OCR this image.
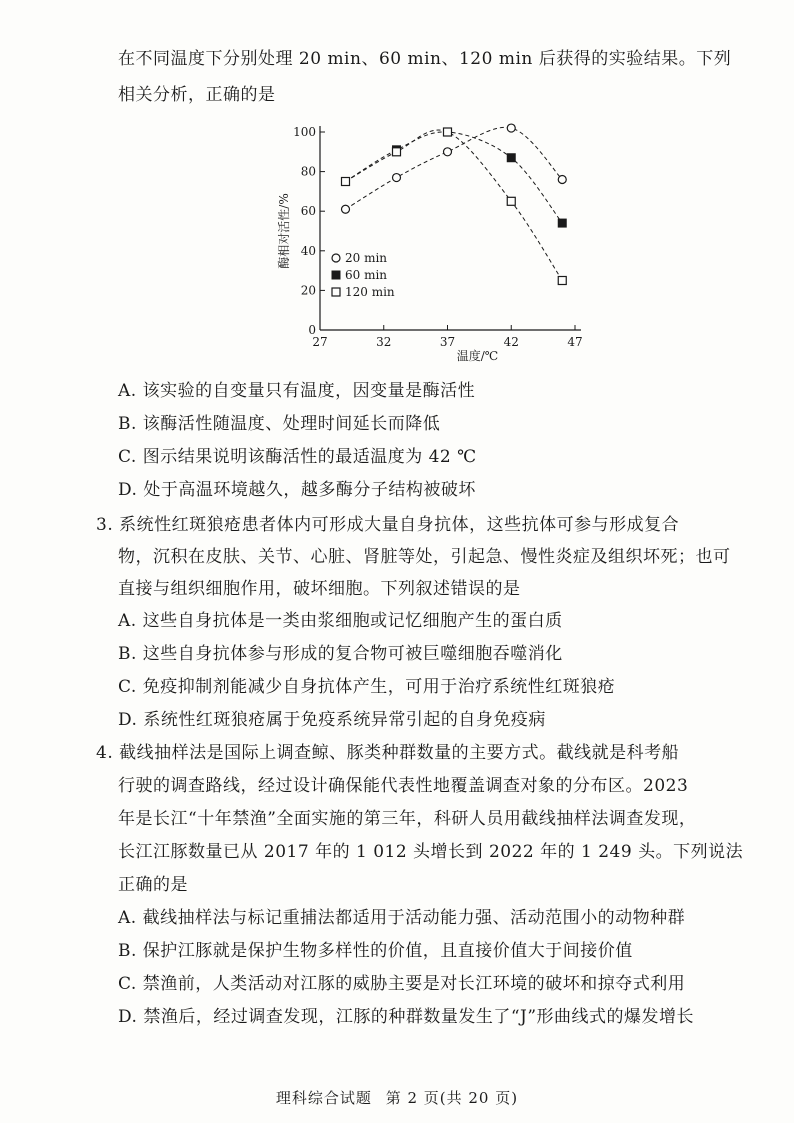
在不同温度下分别处理 20 min、60 min、120 min 后获得的实验结果。下列
相关分析，正确的是
0
20
40
60
80
100
27	32	37	42	47
温度/℃
酶相对活性/%	20 min
60 min
120 min
A. 该实验的自变量只有温度，因变量是酶活性
B. 该酶活性随温度、处理时间延长而降低
C. 图示结果说明该酶活性的最适温度为 42 ℃
D. 处于高温环境越久，越多酶分子结构被破坏
3. 系统性红斑狼疮患者体内可形成大量自身抗体，这些抗体可参与形成复合
物，沉积在皮肤、关节、心脏、肾脏等处，引起急、慢性炎症及组织坏死；也可
直接与组织细胞作用，破坏细胞。下列叙述错误的是
A. 这些自身抗体是一类由浆细胞或记忆细胞产生的蛋白质
B. 这些自身抗体参与形成的复合物可被巨噬细胞吞噬消化
C. 免疫抑制剂能减少自身抗体产生，可用于治疗系统性红斑狼疮
D. 系统性红斑狼疮属于免疫系统异常引起的自身免疫病
4. 截线抽样法是国际上调查鲸、豚类种群数量的主要方式。截线就是科考船
行驶的调查路线，经过设计确保能代表性地覆盖调查对象的分布区。2023
年是长江“十年禁渔”全面实施的第三年，科研人员用截线抽样法调查发现，
长江江豚数量已从 2017 年的 1 012 头增长到 2022 年的 1 249 头。下列说法
正确的是
A. 截线抽样法与标记重捕法都适用于活动能力强、活动范围小的动物种群
B. 保护江豚就是保护生物多样性的价值，且直接价值大于间接价值
C. 禁渔前，人类活动对江豚的威胁主要是对长江环境的破坏和掠夺式利用
D. 禁渔后，经过调查发现，江豚的种群数量发生了“J”形曲线式的爆发增长
理科综合试题 第 2 页(共 20 页)
